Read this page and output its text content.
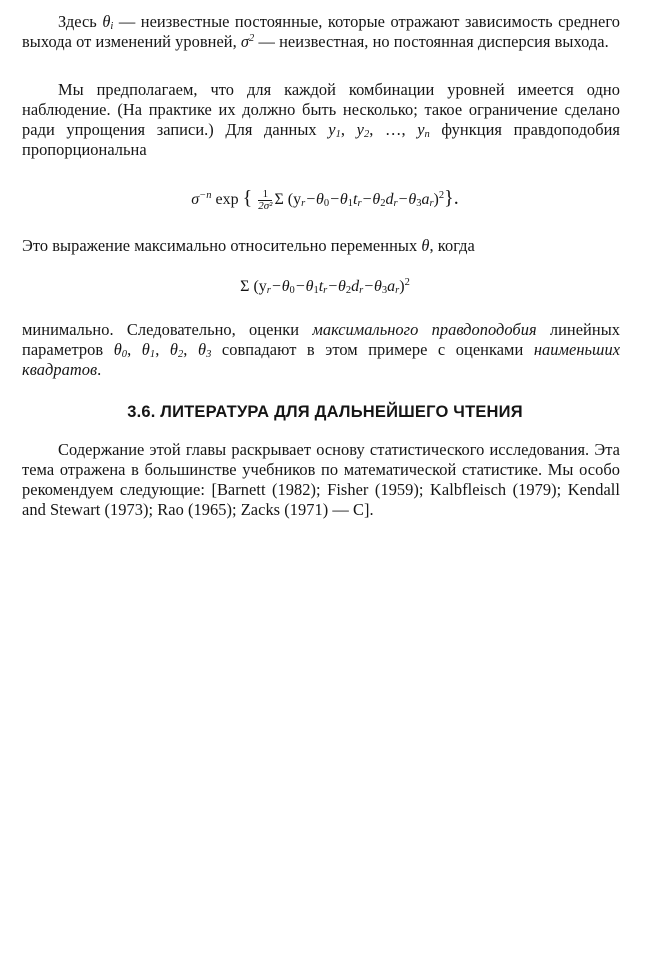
Здесь $\theta_i$ — неизвестные постоянные, которые отражают зависимость среднего выхода от изменений уровней, $\sigma^2$ — неизвестная, но постоянная дисперсия выхода.
Мы предполагаем, что для каждой комбинации уровней имеется одно наблюдение. (На практике их должно быть несколько; такое ограничение сделано ради упрощения записи.) Для данных $y_1$, $y_2$, …, $y_n$ функция правдоподобия пропорциональна
$\sigma^{-n}$ exp { $\frac{1}{\text{2σ²}}$ Σ $(y_r-\theta_0-\theta_1t_r-\theta_2d_r-\theta_3a_r)^2$}.
Это выражение максимально относительно переменных θ, когда
Σ $(y_r-\theta_0-\theta_1t_r-\theta_2d_r-\theta_3a_r)^2$
минимально. Следовательно, оценки максимального правдоподобия линейных параметров $\theta_0$, $\theta_1$, $\theta_2$, $\theta_3$ совпадают в этом примере с оценками наименьших квадратов.
3.6. ЛИТЕРАТУРА ДЛЯ ДАЛЬНЕЙШЕГО ЧТЕНИЯ
Содержание этой главы раскрывает основу статистического исследования. Эта тема отражена в большинстве учебников по математической статистике. Мы особо рекомендуем следующие: [Barnett (1982); Fisher (1959); Kalbfleisch (1979); Kendall and Stewart (1973); Rao (1965); Zacks (1971) — C].
